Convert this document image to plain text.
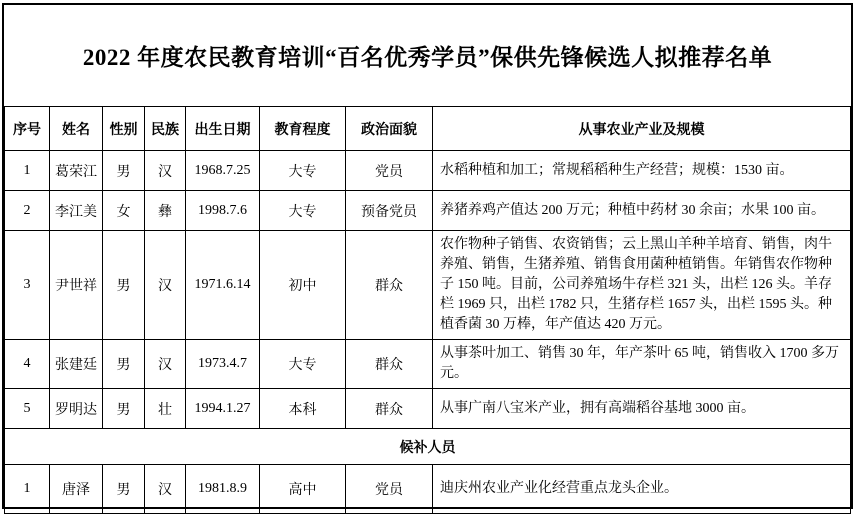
2022 年度农民教育培训“百名优秀学员”保供先锋候选人拟推荐名单
序号	姓名	性别	民族	出生日期	教育程度	政治面貌	从事农业产业及规模
1	葛荣江	男	汉	1968.7.25	大专	党员	水稻种植和加工；常规稻稻种生产经营；规模：1530 亩。
2	李江美	女	彝	1998.7.6	大专	预备党员	养猪养鸡产值达 200 万元；种植中药材 30 余亩；水果 100 亩。
3	尹世祥	男	汉	1971.6.14	初中	群众	农作物种子销售、农资销售；云上黑山羊种羊培育、销售，肉牛养殖、销售，生猪养殖、销售食用菌种植销售。年销售农作物种子 150 吨。目前，公司养殖场牛存栏 321 头，出栏 126 头。羊存栏 1969 只，出栏 1782 只，生猪存栏 1657 头，出栏 1595 头。种植香菌 30 万棒，年产值达 420 万元。
4	张建廷	男	汉	1973.4.7	大专	群众	从事茶叶加工、销售 30 年，年产茶叶 65 吨，销售收入 1700 多万元。
5	罗明达	男	壮	1994.1.27	本科	群众	从事广南八宝米产业，拥有高端稻谷基地 3000 亩。
候补人员							
1	唐泽	男	汉	1981.8.9	高中	党员	迪庆州农业产业化经营重点龙头企业。
